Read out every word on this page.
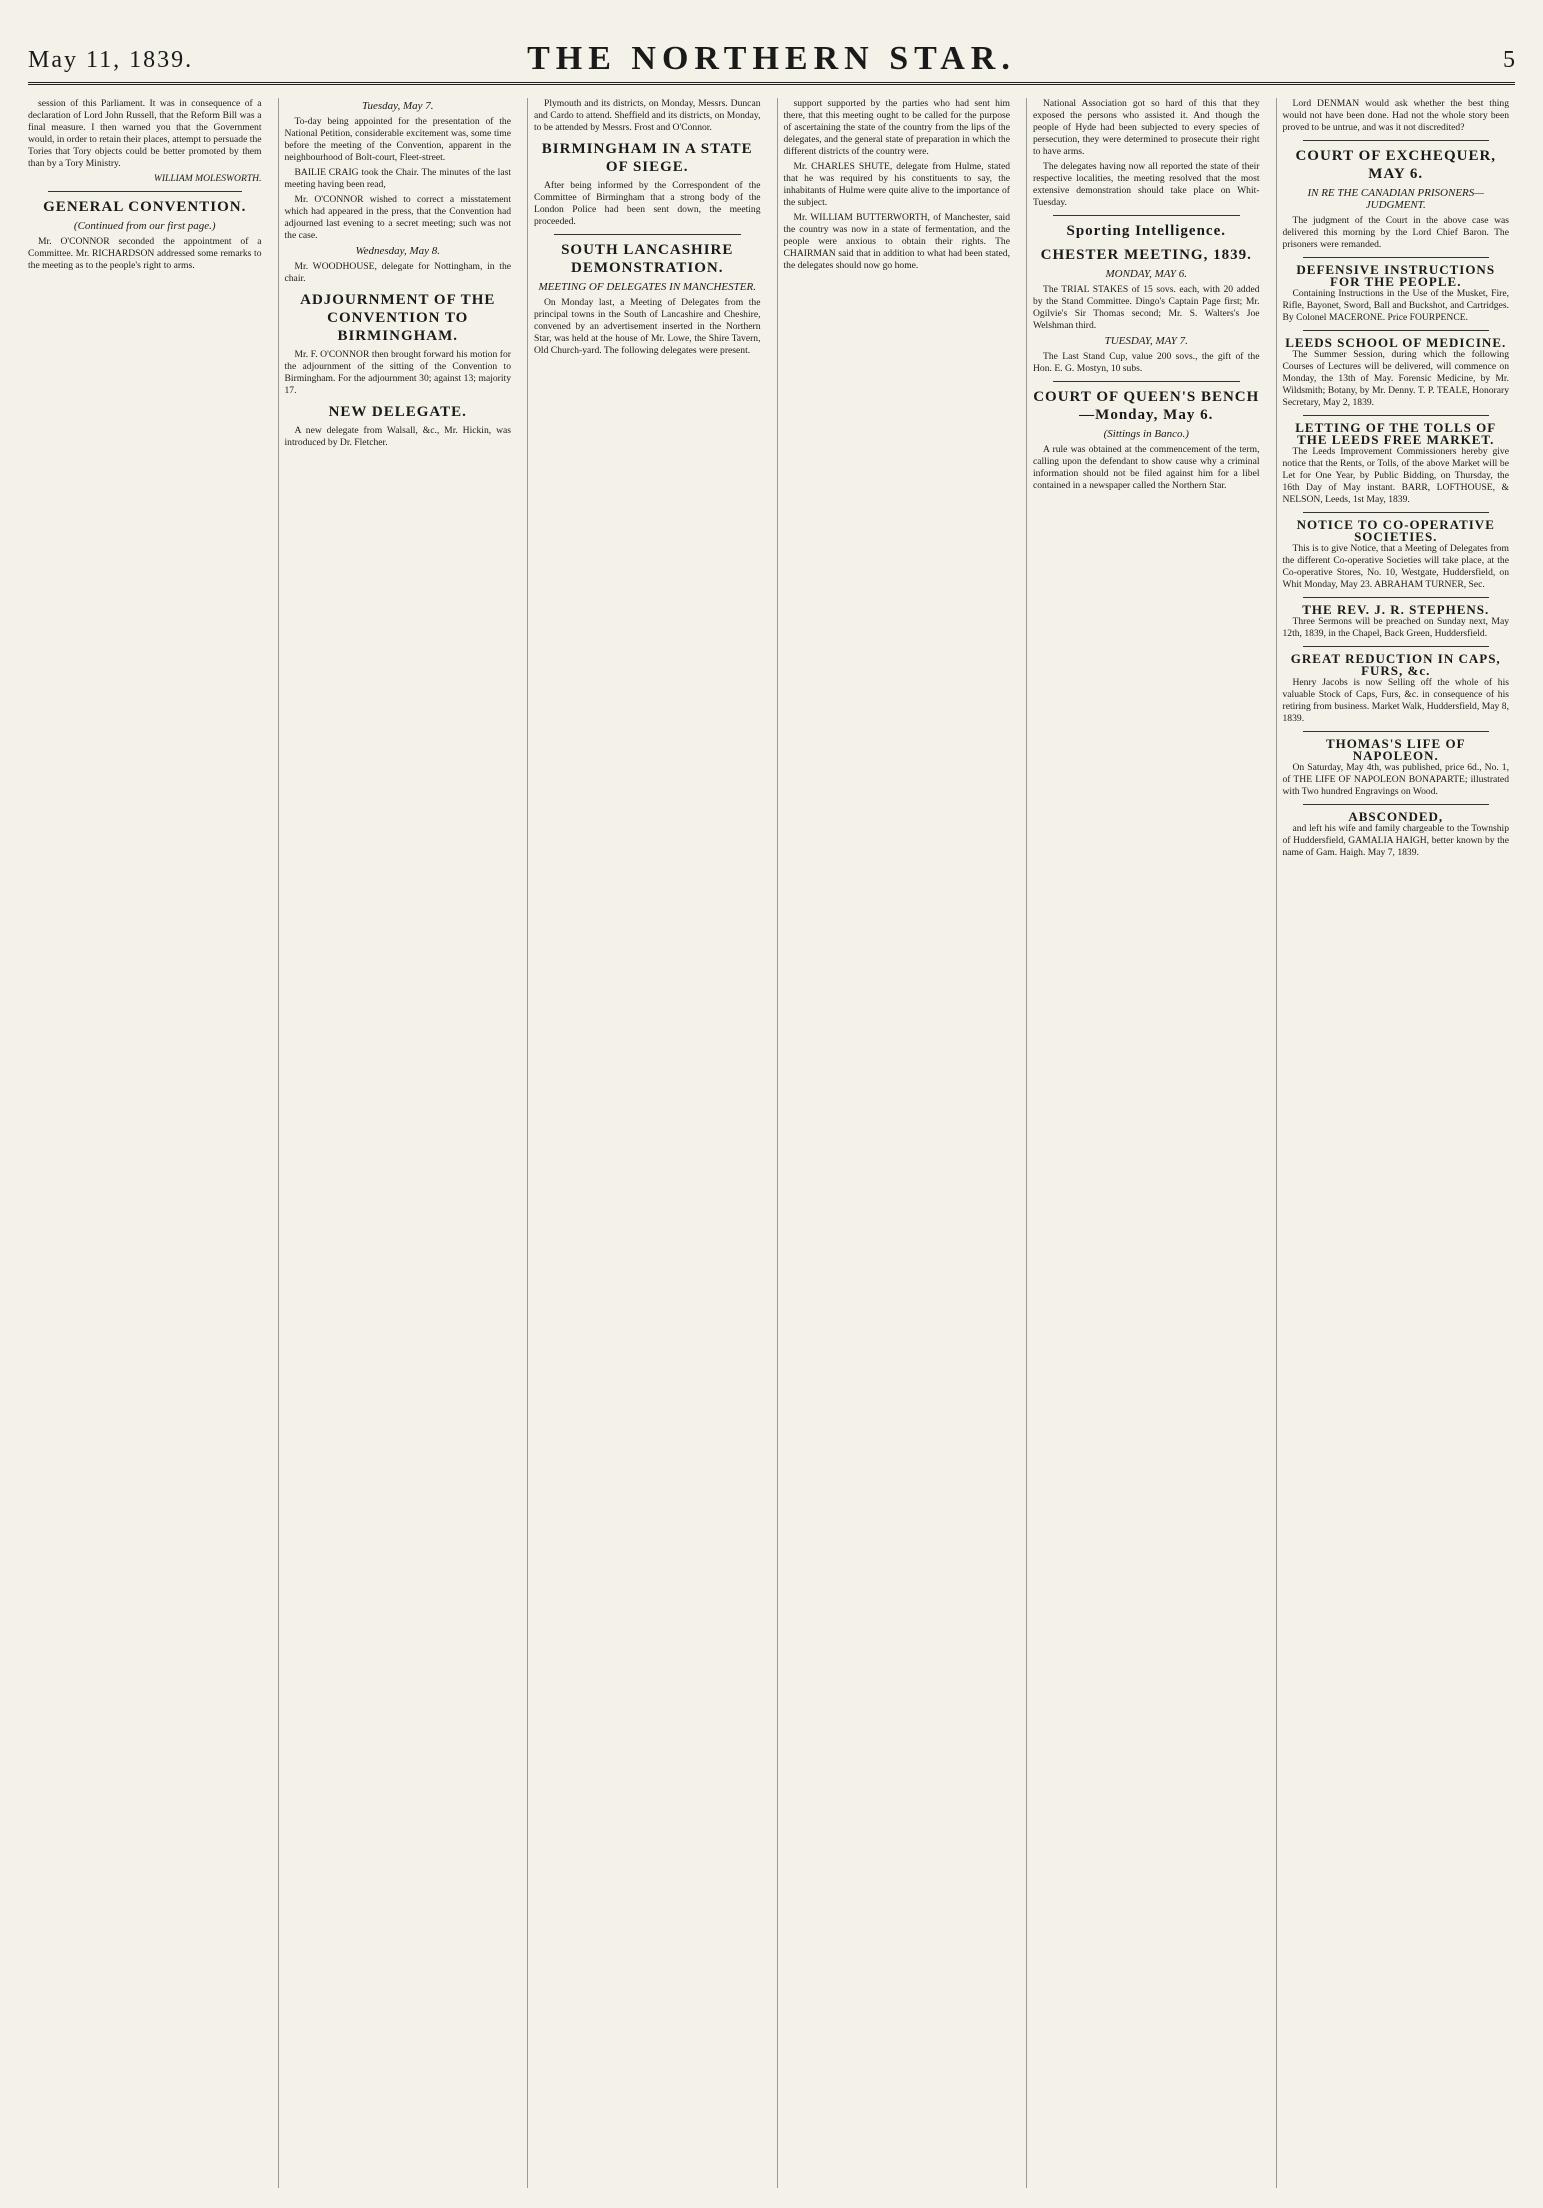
May 11, 1839.	THE NORTHERN STAR.	5

session of this Parliament. It was in consequence of a declaration of Lord John Russell, that the Reform Bill was a final measure. I then warned you that the Government would, in order to retain their places, attempt to persuade the Tories that Tory objects could be better promoted by them than by a Tory Ministry.

WILLIAM MOLESWORTH.
GENERAL CONVENTION.
(Continued from our first page.)

Mr. O'CONNOR seconded the appointment of a Committee. Mr. RICHARDSON addressed some remarks to the meeting as to the people's right to arms.

Tuesday, May 7.

To-day being appointed for the presentation of the National Petition, considerable excitement was, some time before the meeting of the Convention, apparent in the neighbourhood of Bolt-court, Fleet-street.

BAILIE CRAIG took the Chair. The minutes of the last meeting having been read,

Mr. O'CONNOR wished to correct a misstatement which had appeared in the press, that the Convention had adjourned last evening to a secret meeting; such was not the case.

Wednesday, May 8.

Mr. WOODHOUSE, delegate for Nottingham, in the chair.

ADJOURNMENT OF THE CONVENTION TO BIRMINGHAM.

Mr. F. O'CONNOR then brought forward his motion for the adjournment of the sitting of the Convention to Birmingham. For the adjournment 30; against 13; majority 17.

NEW DELEGATE.

A new delegate from Walsall, &c., Mr. Hickin, was introduced by Dr. Fletcher.

Plymouth and its districts, on Monday, Messrs. Duncan and Cardo to attend. Sheffield and its districts, on Monday, to be attended by Messrs. Frost and O'Connor.

BIRMINGHAM IN A STATE OF SIEGE.

After being informed by the Correspondent of the Committee of Birmingham that a strong body of the London Police had been sent down, the meeting proceeded.

SOUTH LANCASHIRE DEMONSTRATION.
MEETING OF DELEGATES IN MANCHESTER.

On Monday last, a Meeting of Delegates from the principal towns in the South of Lancashire and Cheshire, convened by an advertisement inserted in the Northern Star, was held at the house of Mr. Lowe, the Shire Tavern, Old Church-yard. The following delegates were present.

support supported by the parties who had sent him there, that this meeting ought to be called for the purpose of ascertaining the state of the country from the lips of the delegates, and the general state of preparation in which the different districts of the country were.

Mr. CHARLES SHUTE, delegate from Hulme, stated that he was required by his constituents to say, the inhabitants of Hulme were quite alive to the importance of the subject.

Mr. WILLIAM BUTTERWORTH, of Manchester, said the country was now in a state of fermentation, and the people were anxious to obtain their rights. The CHAIRMAN said that in addition to what had been stated, the delegates should now go home.

National Association got so hard of this that they exposed the persons who assisted it. And though the people of Hyde had been subjected to every species of persecution, they were determined to prosecute their right to have arms.

The delegates having now all reported the state of their respective localities, the meeting resolved that the most extensive demonstration should take place on Whit-Tuesday.

Sporting Intelligence.
CHESTER MEETING, 1839.
MONDAY, MAY 6.

The TRIAL STAKES of 15 sovs. each, with 20 added by the Stand Committee. Dingo's Captain Page first; Mr. Ogilvie's Sir Thomas second; Mr. S. Walters's Joe Welshman third.

TUESDAY, MAY 7.

The Last Stand Cup, value 200 sovs., the gift of the Hon. E. G. Mostyn, 10 subs.

COURT OF QUEEN'S BENCH—Monday, May 6.
(Sittings in Banco.)

A rule was obtained at the commencement of the term, calling upon the defendant to show cause why a criminal information should not be filed against him for a libel contained in a newspaper called the Northern Star.

Lord DENMAN would ask whether the best thing would not have been done. Had not the whole story been proved to be untrue, and was it not discredited?

COURT OF EXCHEQUER, MAY 6.
IN RE THE CANADIAN PRISONERS—JUDGMENT.

The judgment of the Court in the above case was delivered this morning by the Lord Chief Baron. The prisoners were remanded.

DEFENSIVE INSTRUCTIONS FOR THE PEOPLE.

Containing Instructions in the Use of the Musket, Fire, Rifle, Bayonet, Sword, Ball and Buckshot, and Cartridges. By Colonel MACERONE. Price FOURPENCE.

LEEDS SCHOOL OF MEDICINE.

The Summer Session, during which the following Courses of Lectures will be delivered, will commence on Monday, the 13th of May. Forensic Medicine, by Mr. Wildsmith; Botany, by Mr. Denny. T. P. TEALE, Honorary Secretary, May 2, 1839.

LETTING OF THE TOLLS OF THE LEEDS FREE MARKET.

The Leeds Improvement Commissioners hereby give notice that the Rents, or Tolls, of the above Market will be Let for One Year, by Public Bidding, on Thursday, the 16th Day of May instant. BARR, LOFTHOUSE, & NELSON, Leeds, 1st May, 1839.

NOTICE TO CO-OPERATIVE SOCIETIES.

This is to give Notice, that a Meeting of Delegates from the different Co-operative Societies will take place, at the Co-operative Stores, No. 10, Westgate, Huddersfield, on Whit Monday, May 23. ABRAHAM TURNER, Sec.

THE REV. J. R. STEPHENS.

Three Sermons will be preached on Sunday next, May 12th, 1839, in the Chapel, Back Green, Huddersfield.

GREAT REDUCTION IN CAPS, FURS, &c.

Henry Jacobs is now Selling off the whole of his valuable Stock of Caps, Furs, &c. in consequence of his retiring from business. Market Walk, Huddersfield, May 8, 1839.

THOMAS'S LIFE OF NAPOLEON.

On Saturday, May 4th, was published, price 6d., No. 1, of THE LIFE OF NAPOLEON BONAPARTE; illustrated with Two hundred Engravings on Wood.

ABSCONDED,

and left his wife and family chargeable to the Township of Huddersfield, GAMALIA HAIGH, better known by the name of Gam. Haigh. May 7, 1839.
